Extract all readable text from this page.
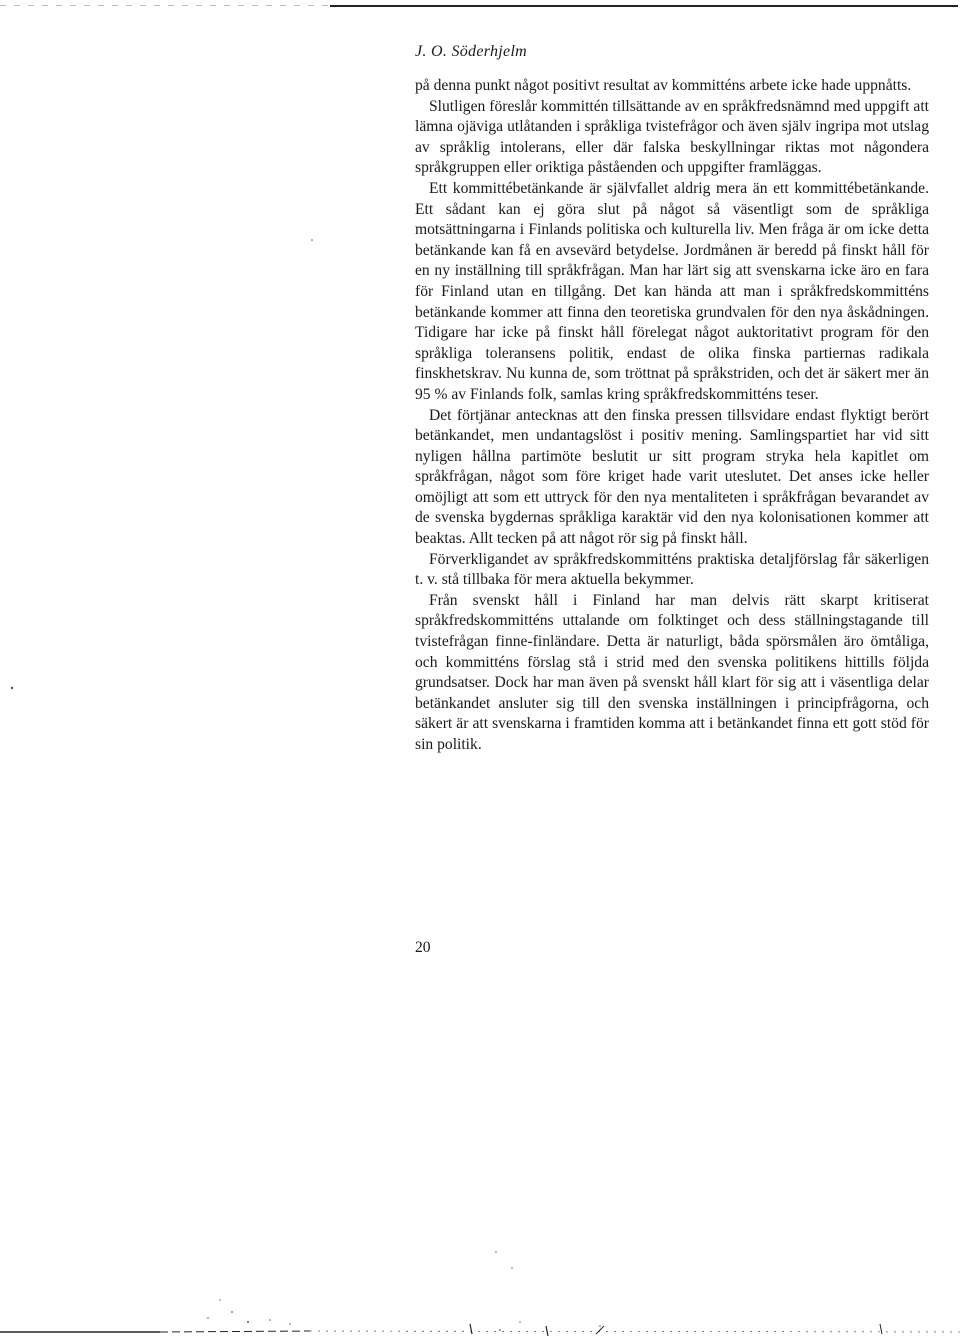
J. O. Söderhjelm

på denna punkt något positivt resultat av kommitténs arbete icke hade uppnåtts.

Slutligen föreslår kommittén tillsättande av en språkfredsnämnd med uppgift att lämna ojäviga utlåtanden i språkliga tvistefrågor och även själv ingripa mot utslag av språklig intolerans, eller där falska beskyllningar riktas mot någondera språkgruppen eller oriktiga påståenden och uppgifter framläggas.

Ett kommittébetänkande är självfallet aldrig mera än ett kommittébetänkande. Ett sådant kan ej göra slut på något så väsentligt som de språkliga motsättningarna i Finlands politiska och kulturella liv. Men fråga är om icke detta betänkande kan få en avsevärd betydelse. Jordmånen är beredd på finskt håll för en ny inställning till språkfrågan. Man har lärt sig att svenskarna icke äro en fara för Finland utan en tillgång. Det kan hända att man i språkfredskommitténs betänkande kommer att finna den teoretiska grundvalen för den nya åskådningen. Tidigare har icke på finskt håll förelegat något auktoritativt program för den språkliga toleransens politik, endast de olika finska partiernas radikala finskhetskrav. Nu kunna de, som tröttnat på språkstriden, och det är säkert mer än 95 % av Finlands folk, samlas kring språkfredskommitténs teser.

Det förtjänar antecknas att den finska pressen tillsvidare endast flyktigt berört betänkandet, men undantagslöst i positiv mening. Samlingspartiet har vid sitt nyligen hållna partimöte beslutit ur sitt program stryka hela kapitlet om språkfrågan, något som före kriget hade varit uteslutet. Det anses icke heller omöjligt att som ett uttryck för den nya mentaliteten i språkfrågan bevarandet av de svenska bygdernas språkliga karaktär vid den nya kolonisationen kommer att beaktas. Allt tecken på att något rör sig på finskt håll.

Förverkligandet av språkfredskommitténs praktiska detaljförslag får säkerligen t. v. stå tillbaka för mera aktuella bekymmer.

Från svenskt håll i Finland har man delvis rätt skarpt kritiserat språkfredskommitténs uttalande om folktinget och dess ställningstagande till tvistefrågan finne-finländare. Detta är naturligt, båda spörsmålen äro ömtåliga, och kommitténs förslag stå i strid med den svenska politikens hittills följda grundsatser. Dock har man även på svenskt håll klart för sig att i väsentliga delar betänkandet ansluter sig till den svenska inställningen i principfrågorna, och säkert är att svenskarna i framtiden komma att i betänkandet finna ett gott stöd för sin politik.

20
